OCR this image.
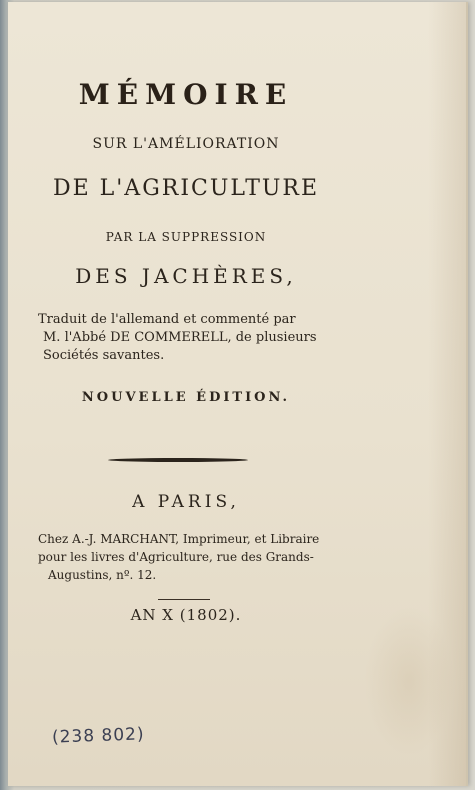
MÉMOIRE

SUR L'AMÉLIORATION

DE L'AGRICULTURE

PAR LA SUPPRESSION

DES JACHÈRES,

Traduit de l'allemand et commenté par

M. l'Abbé DE COMMERELL, de plusieurs

Sociétés savantes.

NOUVELLE ÉDITION.

A PARIS,

Chez A.-J. MARCHANT, Imprimeur, et Libraire

pour les livres d'Agriculture, rue des Grands-

Augustins, nº. 12.

AN X (1802).

(238 802)
